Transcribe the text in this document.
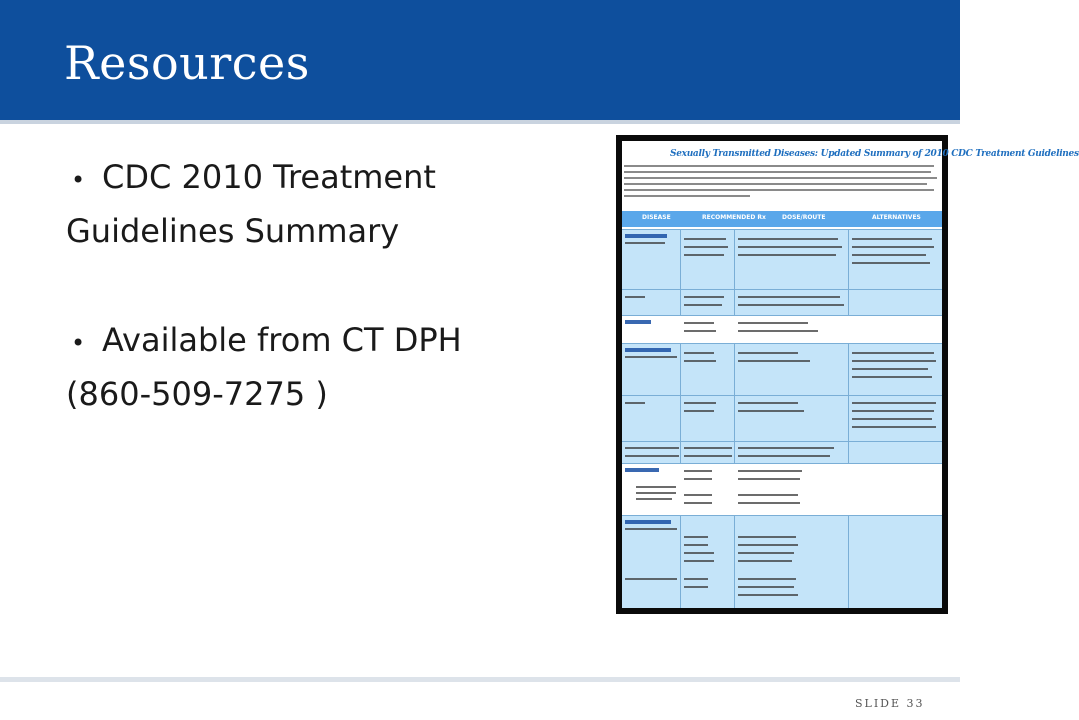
Resources
• CDC 2010 Treatment
Guidelines Summary
• Available from CT DPH
(860-509-7275 )
Sexually Transmitted Diseases: Updated Summary of 2010 CDC Treatment Guidelines
DISEASE	RECOMMENDED Rx	DOSE/ROUTE	ALTERNATIVES
SLIDE 33
